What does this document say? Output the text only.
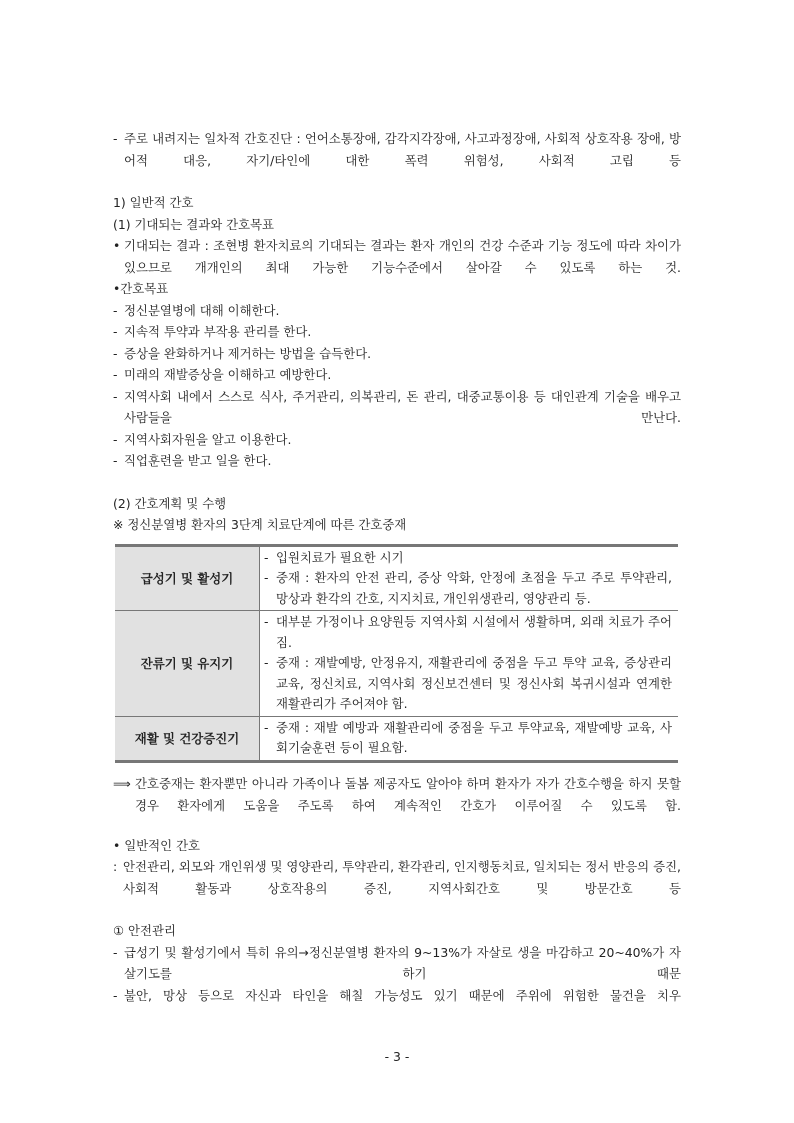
- 주로 내려지는 일차적 간호진단 : 언어소통장애, 감각지각장애, 사고과정장애, 사회적 상호작용 장애, 방어적 대응, 자기/타인에 대한 폭력 위험성, 사회적 고립 등
1) 일반적 간호
(1) 기대되는 결과와 간호목표
• 기대되는 결과 : 조현병 환자치료의 기대되는 결과는 환자 개인의 건강 수준과 기능 정도에 따라 차이가 있으므로 개개인의 최대 가능한 기능수준에서 살아갈 수 있도록 하는 것.
•간호목표
- 정신분열병에 대해 이해한다.
- 지속적 투약과 부작용 관리를 한다.
- 증상을 완화하거나 제거하는 방법을 습득한다.
- 미래의 재발증상을 이해하고 예방한다.
- 지역사회 내에서 스스로 식사, 주거관리, 의복관리, 돈 관리, 대중교통이용 등 대인관계 기술을 배우고 사람들을 만난다.
- 지역사회자원을 알고 이용한다.
- 직업훈련을 받고 일을 한다.
(2) 간호계획 및 수행
※ 정신분열병 환자의 3단계 치료단계에 따른 간호중재
급성기 및 활성기	- 입원치료가 필요한 시기
- 중재 : 환자의 안전 관리, 증상 악화, 안정에 초점을 두고 주로 투약관리, 망상과 환각의 간호, 지지치료, 개인위생관리, 영양관리 등.

잔류기 및 유지기	- 대부분 가정이나 요양원등 지역사회 시설에서 생활하며, 외래 치료가 주어짐.
- 중재 : 재발예방, 안정유지, 재활관리에 중점을 두고 투약 교육, 증상관리 교육, 정신치료, 지역사회 정신보건센터 및 정신사회 복귀시설과 연계한 재활관리가 주어져야 함.

재활 및 건강증진기	- 중재 : 재발 예방과 재활관리에 중점을 두고 투약교육, 재발예방 교육, 사회기술훈련 등이 필요함.
⟹ 간호중재는 환자뿐만 아니라 가족이나 돌봄 제공자도 알아야 하며 환자가 자가 간호수행을 하지 못할 경우 환자에게 도움을 주도록 하여 계속적인 간호가 이루어질 수 있도록 함.
• 일반적인 간호
: 안전관리, 외모와 개인위생 및 영양관리, 투약관리, 환각관리, 인지행동치료, 일치되는 정서 반응의 증진, 사회적 활동과 상호작용의 증진, 지역사회간호 및 방문간호 등
① 안전관리
- 급성기 및 활성기에서 특히 유의→정신분열병 환자의 9~13%가 자살로 생을 마감하고 20~40%가 자살기도를 하기 때문
- 불안, 망상 등으로 자신과 타인을 해칠 가능성도 있기 때문에 주위에 위험한 물건을 치우
- 3 -
